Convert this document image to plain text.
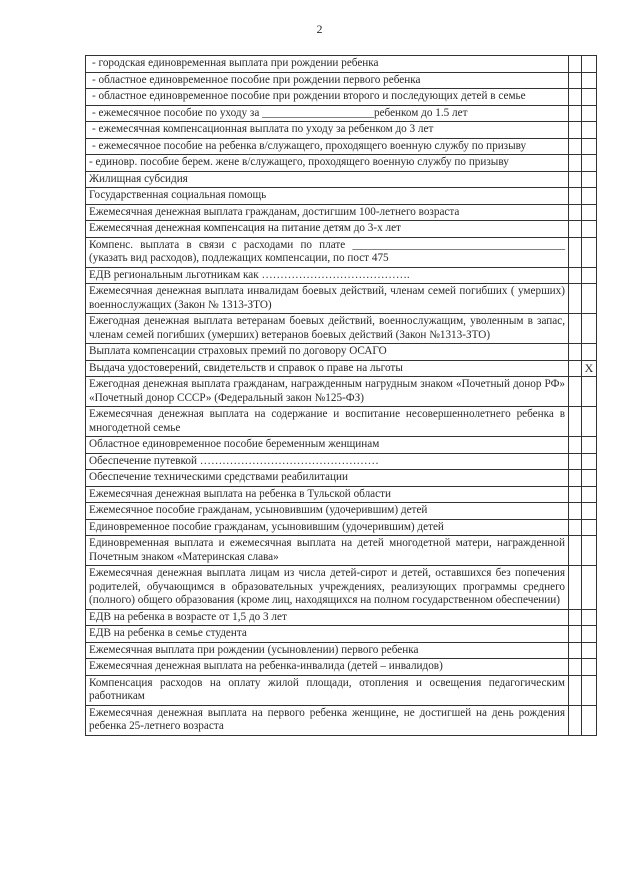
2
- городская единовременная выплата при рождении ребенка
- областное единовременное пособие при рождении первого ребенка
- областное единовременное пособие при рождении второго и последующих детей в семье
- ежемесячное пособие по уходу за ____________________ребенком до 1.5 лет
- ежемесячная компенсационная выплата по уходу за ребенком до 3 лет
- ежемесячное пособие на ребенка в/служащего, проходящего военную службу по призыву
- единовр. пособие берем. жене в/служащего, проходящего военную службу по призыву
Жилищная субсидия
Государственная социальная помощь
Ежемесячная денежная выплата гражданам, достигшим 100-летнего возраста
Ежемесячная денежная компенсация на питание детям до 3-х лет
Компенс. выплата в связи с расходами по плате ______________________________________ (указать вид расходов), подлежащих компенсации, по пост 475
ЕДВ региональным льготникам как ………………………………….
Ежемесячная денежная выплата инвалидам боевых действий, членам семей погибших ( умерших) военнослужащих (Закон № 1313-ЗТО)
Ежегодная денежная выплата ветеранам боевых действий, военнослужащим, уволенным в запас, членам семей погибших (умерших) ветеранов боевых действий (Закон №1313-ЗТО)
Выплата компенсации страховых премий по договору ОСАГО
Выдача удостоверений, свидетельств и справок о праве на льготы	X
Ежегодная денежная выплата гражданам, награжденным нагрудным знаком «Почетный донор РФ» «Почетный донор СССР» (Федеральный закон №125-ФЗ)
Ежемесячная денежная выплата на содержание и воспитание несовершеннолетнего ребенка в многодетной семье
Областное единовременное пособие беременным женщинам
Обеспечение путевкой …………………………………………
Обеспечение техническими средствами реабилитации
Ежемесячная денежная выплата на ребенка в Тульской области
Ежемесячное пособие гражданам, усыновившим (удочерившим) детей
Единовременное пособие гражданам, усыновившим (удочерившим) детей
Единовременная выплата и ежемесячная выплата на детей многодетной матери, награжденной Почетным знаком «Материнская слава»
Ежемесячная денежная выплата лицам из числа детей-сирот и детей, оставшихся без попечения родителей, обучающимся в образовательных учреждениях, реализующих программы среднего (полного) общего образования (кроме лиц, находящихся на полном государственном обеспечении)
ЕДВ на ребенка в возрасте от 1,5 до 3 лет
ЕДВ на ребенка в семье студента
Ежемесячная выплата при рождении (усыновлении) первого ребенка
Ежемесячная денежная выплата на ребенка-инвалида (детей – инвалидов)
Компенсация расходов на оплату жилой площади, отопления и освещения педагогическим работникам
Ежемесячная денежная выплата на первого ребенка женщине, не достигшей на день рождения ребенка 25-летнего возраста
